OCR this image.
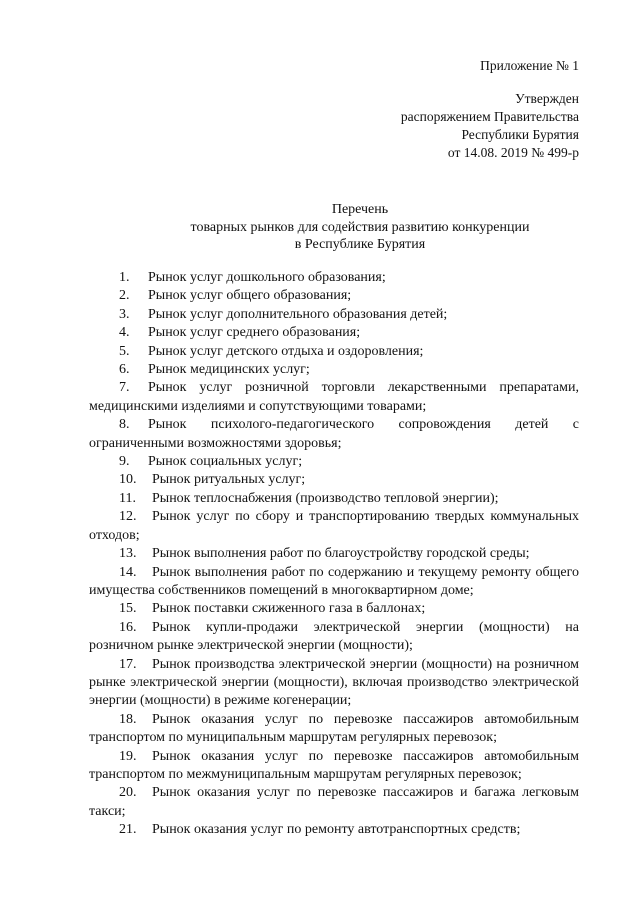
Приложение № 1
Утвержден
распоряжением Правительства
Республики Бурятия
от 14.08. 2019 № 499-р
Перечень
товарных рынков для содействия развитию конкуренции
в Республике Бурятия
1. Рынок услуг дошкольного образования;
2. Рынок услуг общего образования;
3. Рынок услуг дополнительного образования детей;
4. Рынок услуг среднего образования;
5. Рынок услуг детского отдыха и оздоровления;
6. Рынок медицинских услуг;
7. Рынок услуг розничной торговли лекарственными препаратами, медицинскими изделиями и сопутствующими товарами;
8. Рынок психолого-педагогического сопровождения детей с ограниченными возможностями здоровья;
9. Рынок социальных услуг;
10. Рынок ритуальных услуг;
11. Рынок теплоснабжения (производство тепловой энергии);
12. Рынок услуг по сбору и транспортированию твердых коммунальных отходов;
13. Рынок выполнения работ по благоустройству городской среды;
14. Рынок выполнения работ по содержанию и текущему ремонту общего имущества собственников помещений в многоквартирном доме;
15. Рынок поставки сжиженного газа в баллонах;
16. Рынок купли-продажи электрической энергии (мощности) на розничном рынке электрической энергии (мощности);
17. Рынок производства электрической энергии (мощности) на розничном рынке электрической энергии (мощности), включая производство электрической энергии (мощности) в режиме когенерации;
18. Рынок оказания услуг по перевозке пассажиров автомобильным транспортом по муниципальным маршрутам регулярных перевозок;
19. Рынок оказания услуг по перевозке пассажиров автомобильным транспортом по межмуниципальным маршрутам регулярных перевозок;
20. Рынок оказания услуг по перевозке пассажиров и багажа легковым такси;
21. Рынок оказания услуг по ремонту автотранспортных средств;
